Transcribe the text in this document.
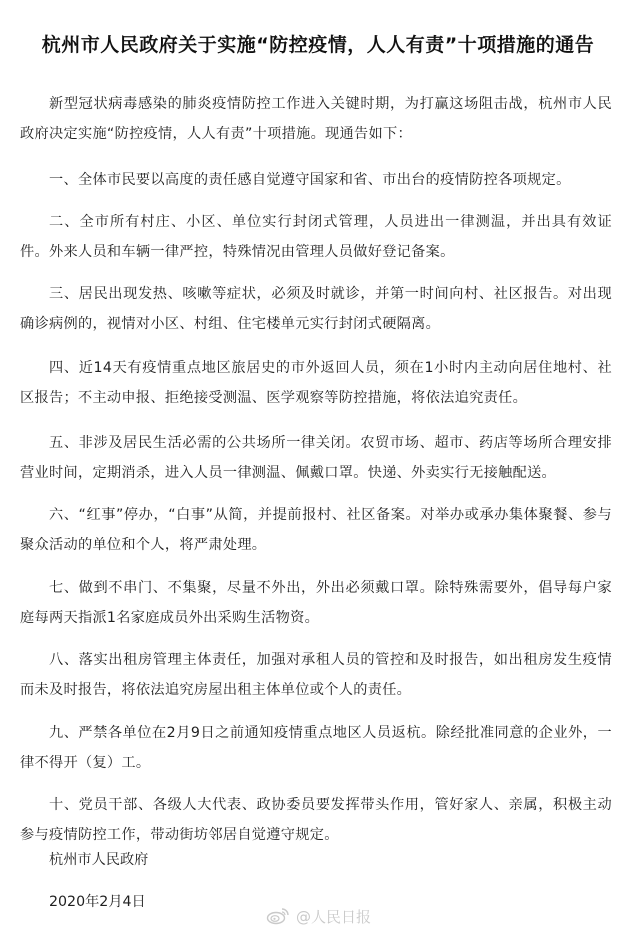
杭州市人民政府关于实施“防控疫情，人人有责”十项措施的通告
新型冠状病毒感染的肺炎疫情防控工作进入关键时期，为打赢这场阻击战，杭州市人民政府决定实施“防控疫情，人人有责”十项措施。现通告如下：
一、全体市民要以高度的责任感自觉遵守国家和省、市出台的疫情防控各项规定。
二、全市所有村庄、小区、单位实行封闭式管理，人员进出一律测温，并出具有效证件。外来人员和车辆一律严控，特殊情况由管理人员做好登记备案。
三、居民出现发热、咳嗽等症状，必须及时就诊，并第一时间向村、社区报告。对出现确诊病例的，视情对小区、村组、住宅楼单元实行封闭式硬隔离。
四、近14天有疫情重点地区旅居史的市外返回人员，须在1小时内主动向居住地村、社区报告；不主动申报、拒绝接受测温、医学观察等防控措施，将依法追究责任。
五、非涉及居民生活必需的公共场所一律关闭。农贸市场、超市、药店等场所合理安排营业时间，定期消杀，进入人员一律测温、佩戴口罩。快递、外卖实行无接触配送。
六、“红事”停办，“白事”从简，并提前报村、社区备案。对举办或承办集体聚餐、参与聚众活动的单位和个人，将严肃处理。
七、做到不串门、不集聚，尽量不外出，外出必须戴口罩。除特殊需要外，倡导每户家庭每两天指派1名家庭成员外出采购生活物资。
八、落实出租房管理主体责任，加强对承租人员的管控和及时报告，如出租房发生疫情而未及时报告，将依法追究房屋出租主体单位或个人的责任。
九、严禁各单位在2月9日之前通知疫情重点地区人员返杭。除经批准同意的企业外，一律不得开（复）工。
十、党员干部、各级人大代表、政协委员要发挥带头作用，管好家人、亲属，积极主动参与疫情防控工作，带动街坊邻居自觉遵守规定。
杭州市人民政府
2020年2月4日
@人民日报
